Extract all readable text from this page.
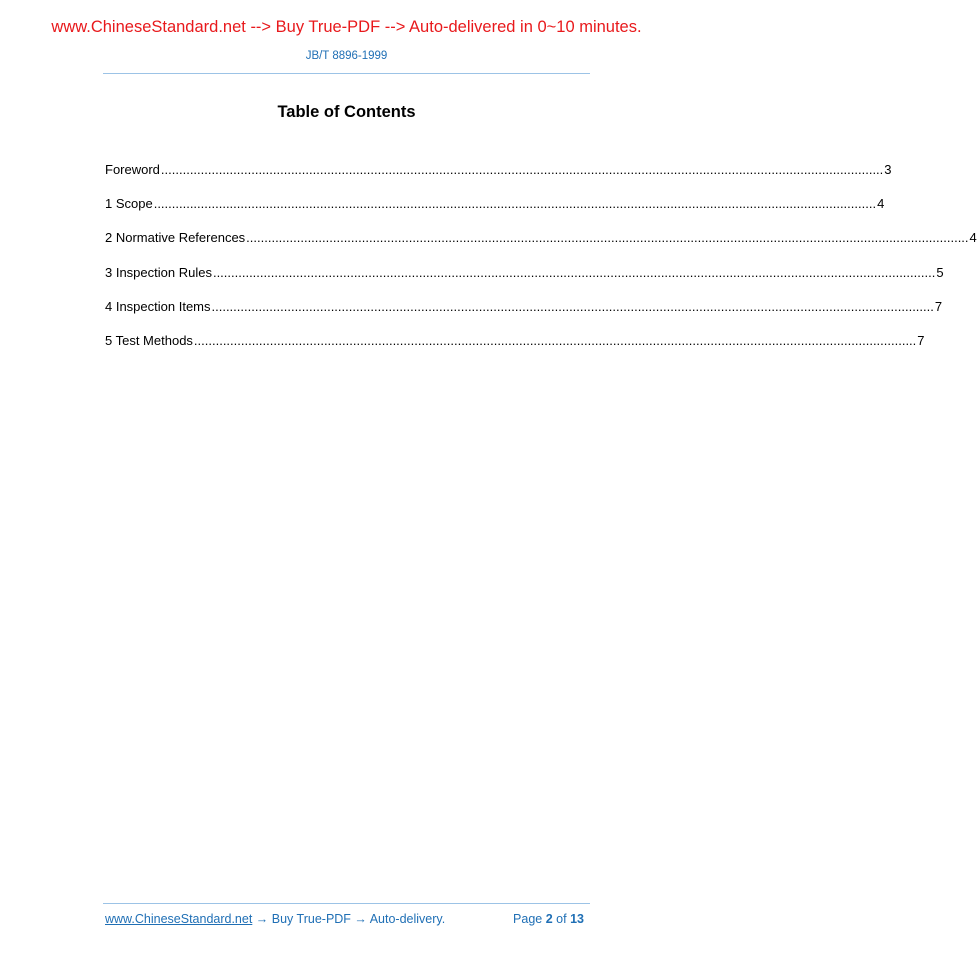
www.ChineseStandard.net --> Buy True-PDF --> Auto-delivered in 0~10 minutes.
JB/T 8896-1999
Table of Contents
Foreword ........................................................................................................................................................................................................ 3
1 Scope ........................................................................................................................................................................................................ 4
2 Normative References ........................................................................................................................................................................................................ 4
3 Inspection Rules ........................................................................................................................................................................................................ 5
4 Inspection Items ........................................................................................................................................................................................................ 7
5 Test Methods ........................................................................................................................................................................................................ 7
www.ChineseStandard.net → Buy True-PDF → Auto-delivery.	Page 2 of 13
